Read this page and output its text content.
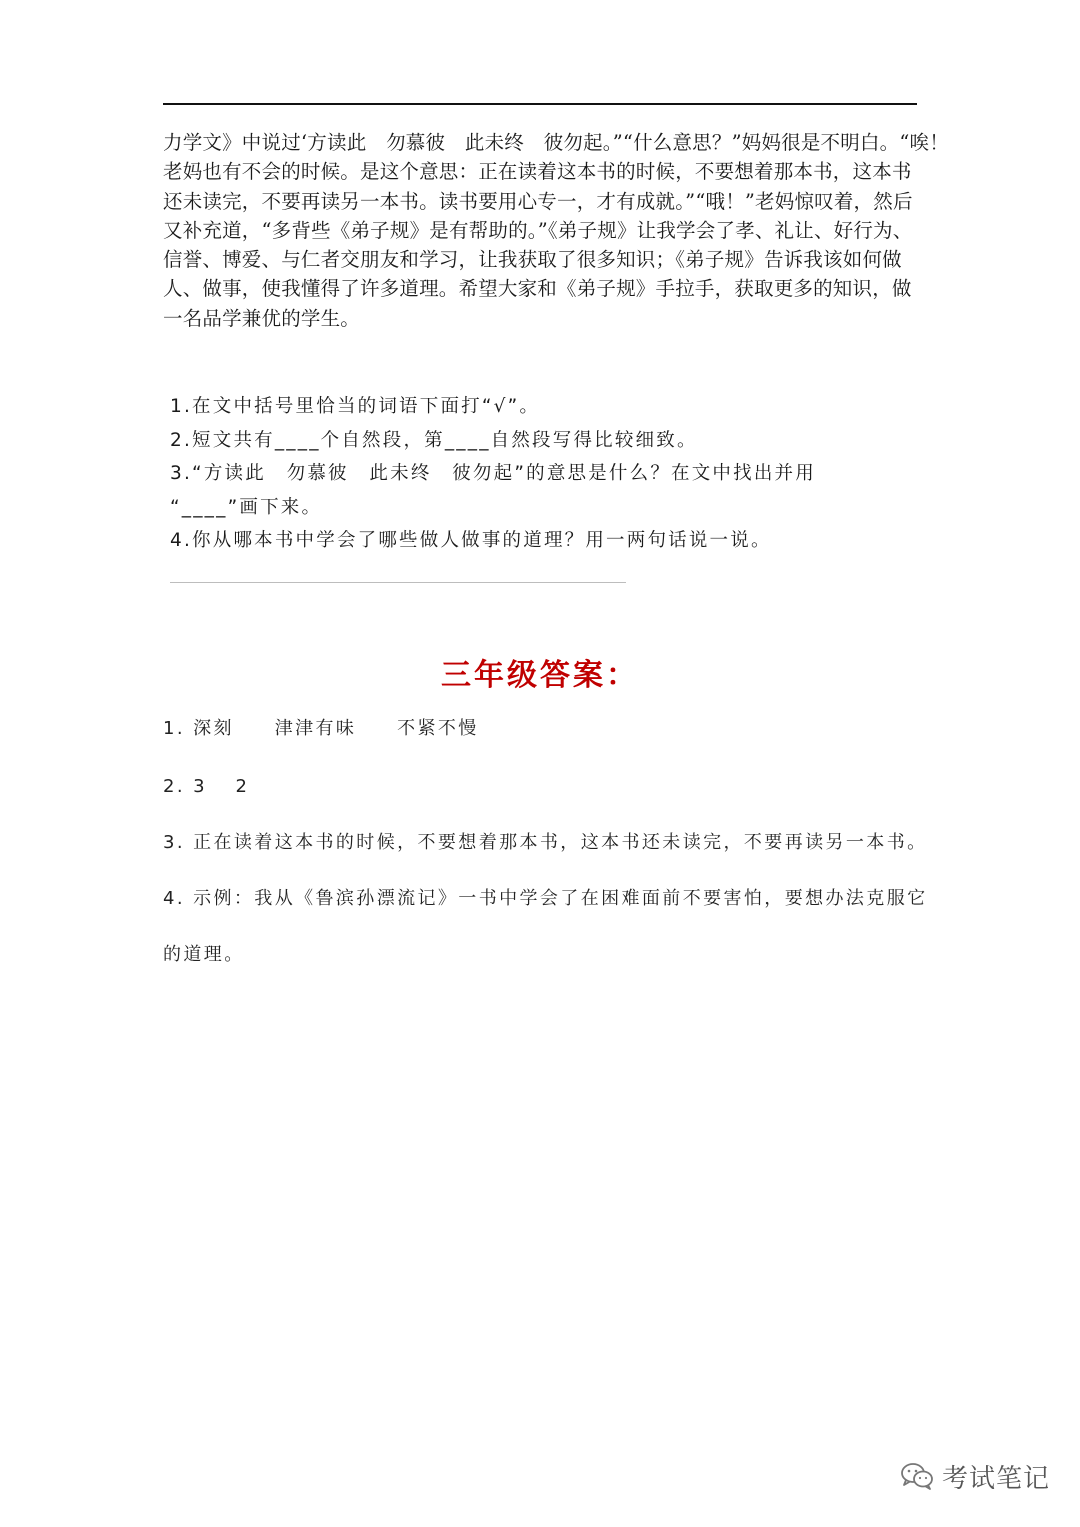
力学文》中说过‘方读此　勿慕彼　此未终　彼勿起。”“什么意思？”妈妈很是不明白。“唉！
老妈也有不会的时候。是这个意思：正在读着这本书的时候，不要想着那本书，这本书
还未读完，不要再读另一本书。读书要用心专一，才有成就。”“哦！”老妈惊叹着，然后
又补充道，“多背些《弟子规》是有帮助的。”《弟子规》让我学会了孝、礼让、好行为、
信誉、博爱、与仁者交朋友和学习，让我获取了很多知识；《弟子规》告诉我该如何做
人、做事，使我懂得了许多道理。希望大家和《弟子规》手拉手，获取更多的知识，做
一名品学兼优的学生。
1.在文中括号里恰当的词语下面打“√”。
2.短文共有____个自然段，第____自然段写得比较细致。
3.“方读此　勿慕彼　此未终　彼勿起”的意思是什么？在文中找出并用
“____”画下来。
4.你从哪本书中学会了哪些做人做事的道理？用一两句话说一说。
三年级答案：
1. 深刻　　津津有味　　不紧不慢
2. 3　 2
3. 正在读着这本书的时候，不要想着那本书，这本书还未读完，不要再读另一本书。
4. 示例：我从《鲁滨孙漂流记》一书中学会了在困难面前不要害怕，要想办法克服它
的道理。
考试笔记
